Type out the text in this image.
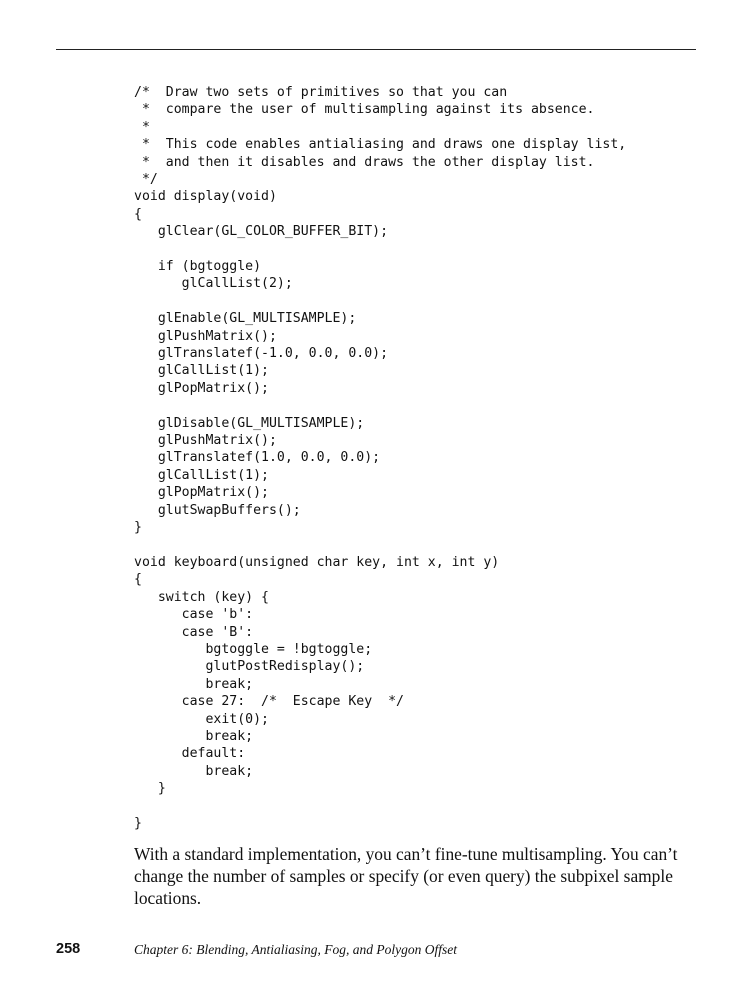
/*  Draw two sets of primitives so that you can
*  compare the user of multisampling against its absence.
*
*  This code enables antialiasing and draws one display list,
*  and then it disables and draws the other display list.
*/
void display(void)
{
glClear(GL_COLOR_BUFFER_BIT);
if (bgtoggle)
glCallList(2);
glEnable(GL_MULTISAMPLE);
glPushMatrix();
glTranslatef(-1.0, 0.0, 0.0);
glCallList(1);
glPopMatrix();
glDisable(GL_MULTISAMPLE);
glPushMatrix();
glTranslatef(1.0, 0.0, 0.0);
glCallList(1);
glPopMatrix();
glutSwapBuffers();
}
void keyboard(unsigned char key, int x, int y)
{
switch (key) {
case 'b':
case 'B':
bgtoggle = !bgtoggle;
glutPostRedisplay();
break;
case 27:  /*  Escape Key  */
exit(0);
break;
default:
break;
}
}

With a standard implementation, you can’t fine-tune multisampling. You can’t change the number of samples or specify (or even query) the subpixel sample locations.

258	Chapter 6: Blending, Antialiasing, Fog, and Polygon Offset
